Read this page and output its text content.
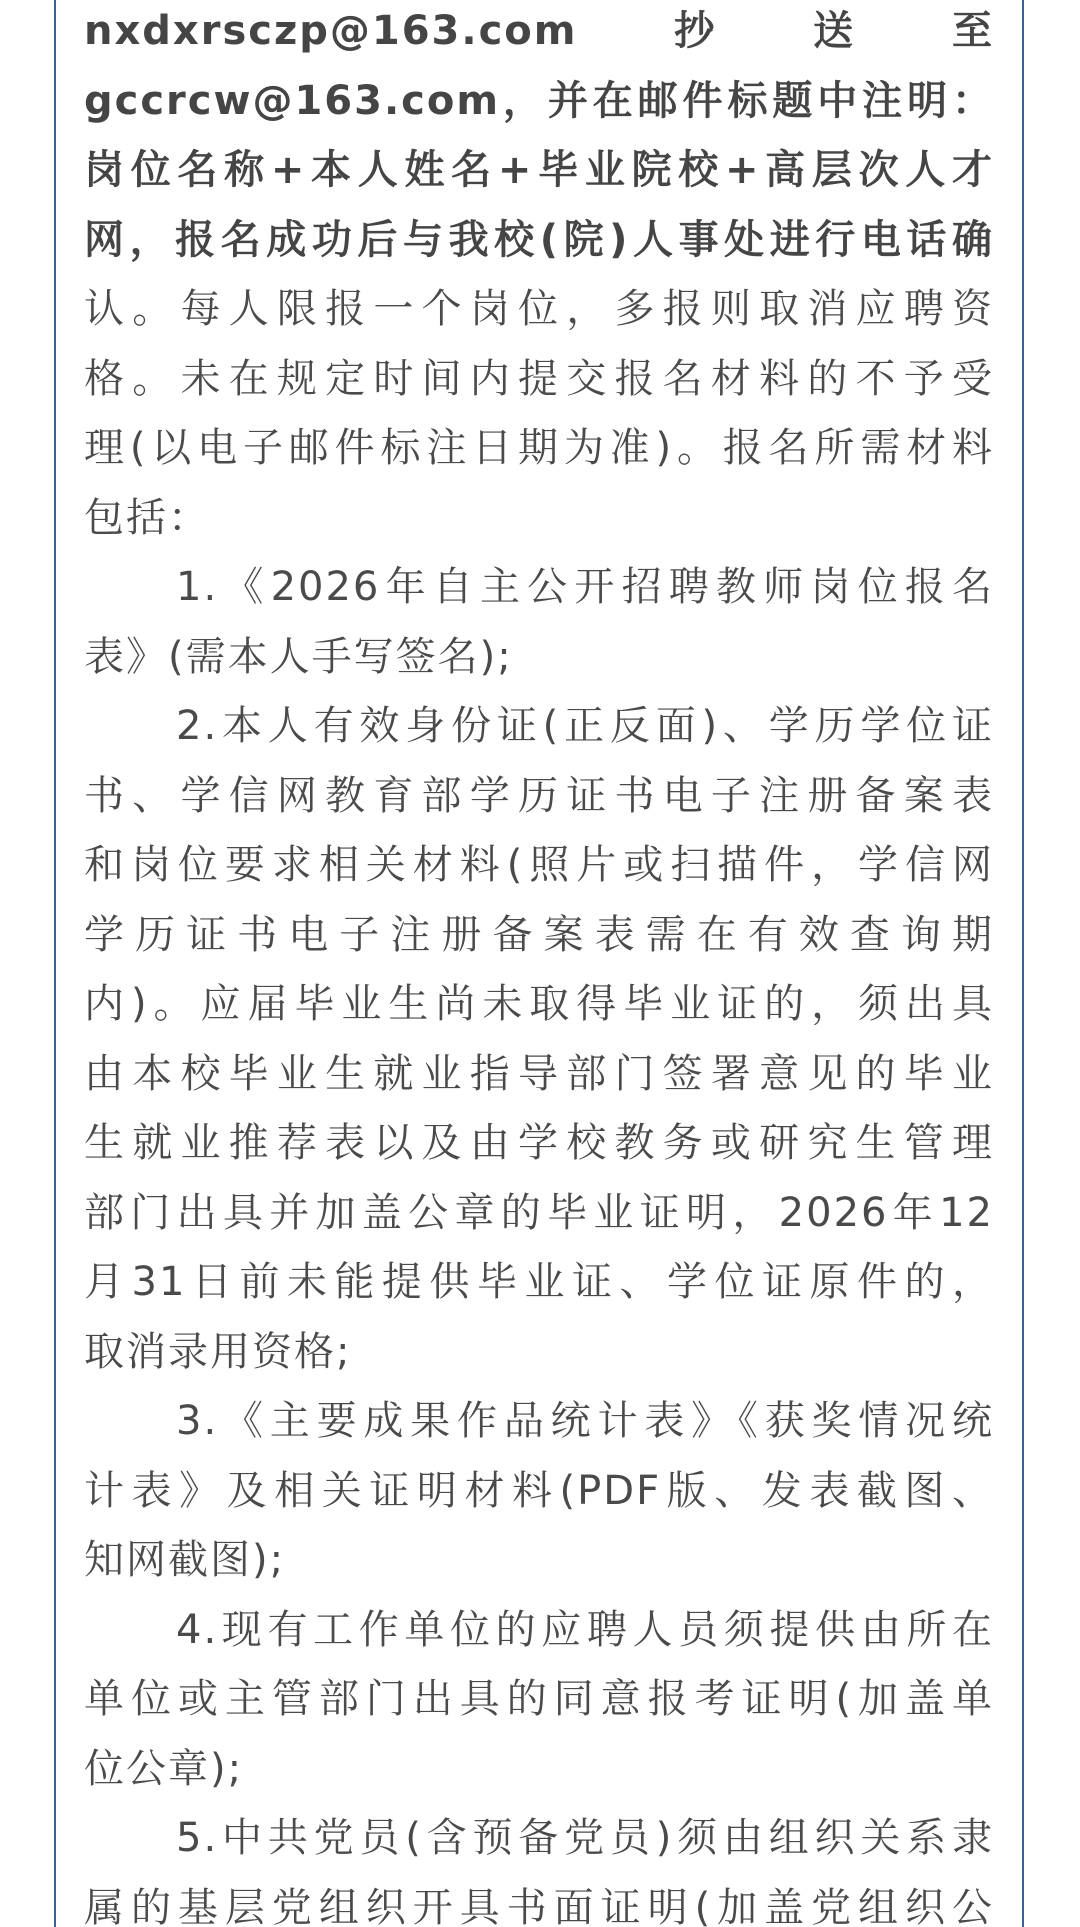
nxdxrsczp@163.com　　抄　　送　　至
gccrcw@163.com，并在邮件标题中注明：
岗位名称+本人姓名+毕业院校+高层次人才
网，报名成功后与我校(院)人事处进行电话确
认。每人限报一个岗位，多报则取消应聘资
格。未在规定时间内提交报名材料的不予受
理(以电子邮件标注日期为准)。报名所需材料
包括：
1.《2026年自主公开招聘教师岗位报名
表》(需本人手写签名);
2.本人有效身份证(正反面)、学历学位证
书、学信网教育部学历证书电子注册备案表
和岗位要求相关材料(照片或扫描件，学信网
学历证书电子注册备案表需在有效查询期
内)。应届毕业生尚未取得毕业证的，须出具
由本校毕业生就业指导部门签署意见的毕业
生就业推荐表以及由学校教务或研究生管理
部门出具并加盖公章的毕业证明，2026年12
月31日前未能提供毕业证、学位证原件的，
取消录用资格;
3.《主要成果作品统计表》《获奖情况统
计表》及相关证明材料(PDF版、发表截图、
知网截图);
4.现有工作单位的应聘人员须提供由所在
单位或主管部门出具的同意报考证明(加盖单
位公章);
5.中共党员(含预备党员)须由组织关系隶
属的基层党组织开具书面证明(加盖党组织公
